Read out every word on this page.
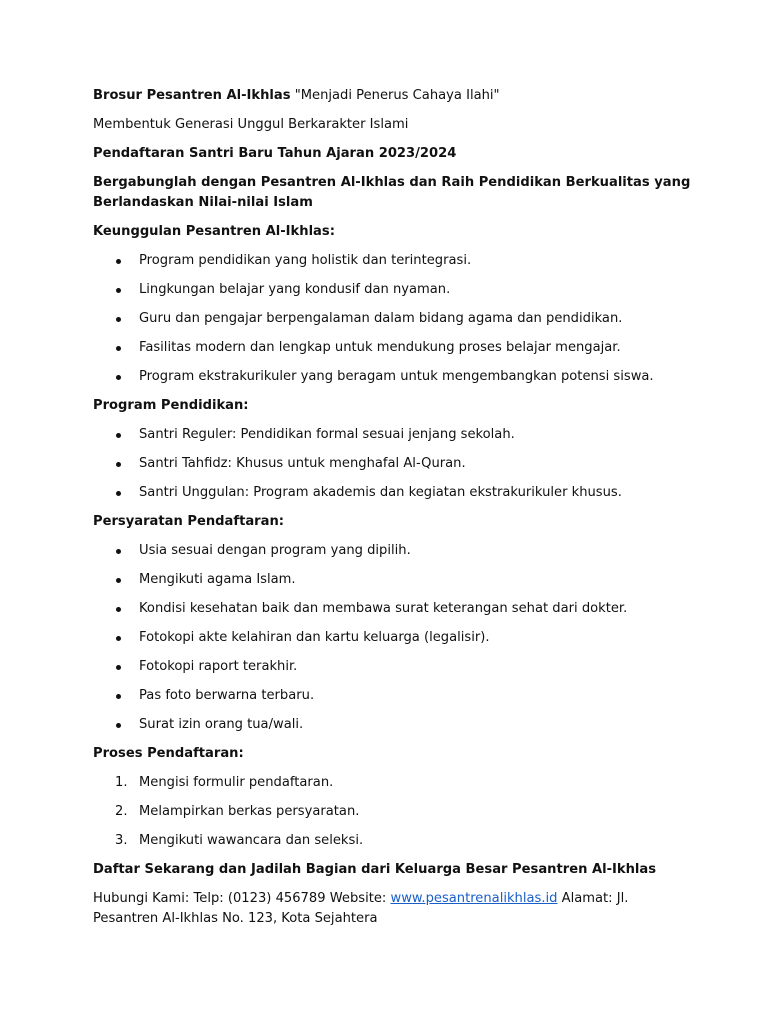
Brosur Pesantren Al-Ikhlas "Menjadi Penerus Cahaya Ilahi"

Membentuk Generasi Unggul Berkarakter Islami

Pendaftaran Santri Baru Tahun Ajaran 2023/2024

Bergabunglah dengan Pesantren Al-Ikhlas dan Raih Pendidikan Berkualitas yang Berlandaskan Nilai-nilai Islam

Keunggulan Pesantren Al-Ikhlas:

Program pendidikan yang holistik dan terintegrasi.
Lingkungan belajar yang kondusif dan nyaman.
Guru dan pengajar berpengalaman dalam bidang agama dan pendidikan.
Fasilitas modern dan lengkap untuk mendukung proses belajar mengajar.
Program ekstrakurikuler yang beragam untuk mengembangkan potensi siswa.

Program Pendidikan:

Santri Reguler: Pendidikan formal sesuai jenjang sekolah.
Santri Tahfidz: Khusus untuk menghafal Al-Quran.
Santri Unggulan: Program akademis dan kegiatan ekstrakurikuler khusus.

Persyaratan Pendaftaran:

Usia sesuai dengan program yang dipilih.
Mengikuti agama Islam.
Kondisi kesehatan baik dan membawa surat keterangan sehat dari dokter.
Fotokopi akte kelahiran dan kartu keluarga (legalisir).
Fotokopi raport terakhir.
Pas foto berwarna terbaru.
Surat izin orang tua/wali.

Proses Pendaftaran:

1. Mengisi formulir pendaftaran.
2. Melampirkan berkas persyaratan.
3. Mengikuti wawancara dan seleksi.

Daftar Sekarang dan Jadilah Bagian dari Keluarga Besar Pesantren Al-Ikhlas

Hubungi Kami: Telp: (0123) 456789 Website: www.pesantrenalikhlas.id Alamat: Jl. Pesantren Al-Ikhlas No. 123, Kota Sejahtera
